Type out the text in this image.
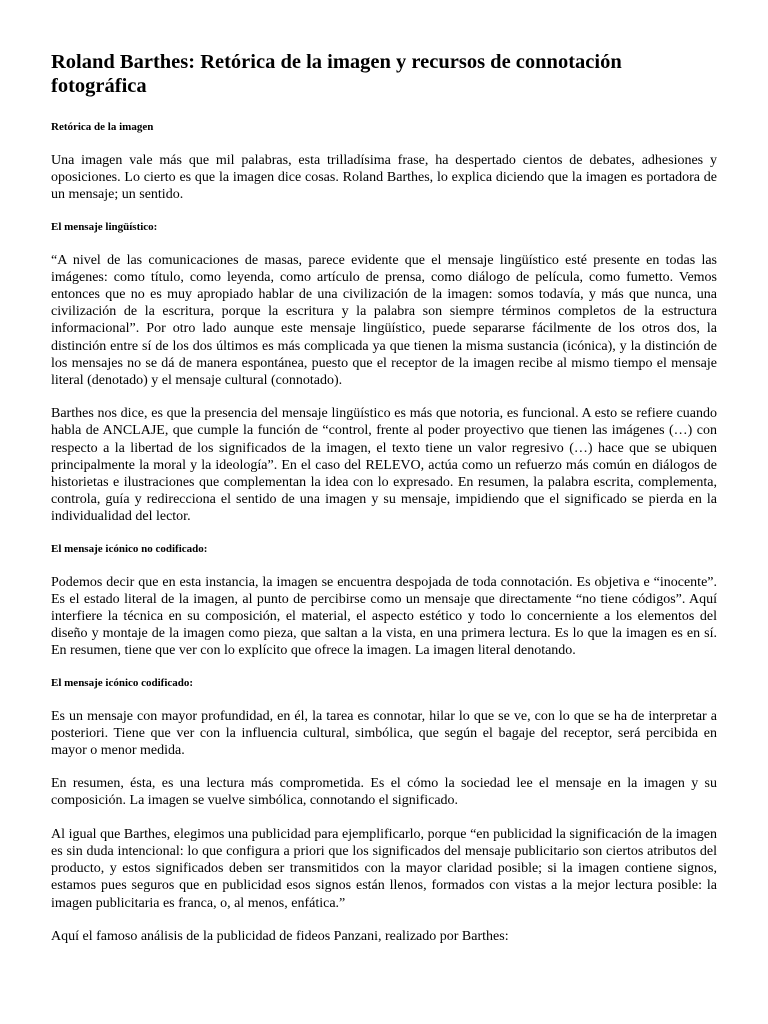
Roland Barthes: Retórica de la imagen y recursos de connotación fotográfica
Retórica de la imagen

Una imagen vale más que mil palabras, esta trilladísima frase, ha despertado cientos de debates, adhesiones y oposiciones. Lo cierto es que la imagen dice cosas. Roland Barthes, lo explica diciendo que la imagen es portadora de un mensaje; un sentido.

El mensaje lingüístico:

“A nivel de las comunicaciones de masas, parece evidente que el mensaje lingüístico esté presente en todas las imágenes: como título, como leyenda, como artículo de prensa, como diálogo de película, como fumetto. Vemos entonces que no es muy apropiado hablar de una civilización de la imagen: somos todavía, y más que nunca, una civilización de la escritura, porque la escritura y la palabra son siempre términos completos de la estructura informacional”. Por otro lado aunque este mensaje lingüístico, puede separarse fácilmente de los otros dos, la distinción entre sí de los dos últimos es más complicada ya que tienen la misma sustancia (icónica), y la distinción de los mensajes no se dá de manera espontánea, puesto que el receptor de la imagen recibe al mismo tiempo el mensaje literal (denotado) y el mensaje cultural (connotado).

Barthes nos dice, es que la presencia del mensaje lingüístico es más que notoria, es funcional. A esto se refiere cuando habla de ANCLAJE, que cumple la función de “control, frente al poder proyectivo que tienen las imágenes (…) con respecto a la libertad de los significados de la imagen, el texto tiene un valor regresivo (…) hace que se ubiquen principalmente la moral y la ideología”. En el caso del RELEVO, actúa como un refuerzo más común en diálogos de historietas e ilustraciones que complementan la idea con lo expresado. En resumen, la palabra escrita, complementa, controla, guía y redirecciona el sentido de una imagen y su mensaje, impidiendo que el significado se pierda en la individualidad del lector.

El mensaje icónico no codificado:

Podemos decir que en esta instancia, la imagen se encuentra despojada de toda connotación. Es objetiva e “inocente”. Es el estado literal de la imagen, al punto de percibirse como un mensaje que directamente “no tiene códigos”. Aquí interfiere la técnica en su composición, el material, el aspecto estético y todo lo concerniente a los elementos del diseño y montaje de la imagen como pieza, que saltan a la vista, en una primera lectura. Es lo que la imagen es en sí. En resumen, tiene que ver con lo explícito que ofrece la imagen. La imagen literal denotando.

El mensaje icónico codificado:

Es un mensaje con mayor profundidad, en él, la tarea es connotar, hilar lo que se ve, con lo que se ha de interpretar a posteriori. Tiene que ver con la influencia cultural, simbólica, que según el bagaje del receptor, será percibida en mayor o menor medida.

En resumen, ésta, es una lectura más comprometida. Es el cómo la sociedad lee el mensaje en la imagen y su composición. La imagen se vuelve simbólica, connotando el significado.

Al igual que Barthes, elegimos una publicidad para ejemplificarlo, porque “en publicidad la significación de la imagen es sin duda intencional: lo que configura a priori que los significados del mensaje publicitario son ciertos atributos del producto, y estos significados deben ser transmitidos con la mayor claridad posible; si la imagen contiene signos, estamos pues seguros que en publicidad esos signos están llenos, formados con vistas a la mejor lectura posible: la imagen publicitaria es franca, o, al menos, enfática.”

Aquí el famoso análisis de la publicidad de fideos Panzani, realizado por Barthes:
